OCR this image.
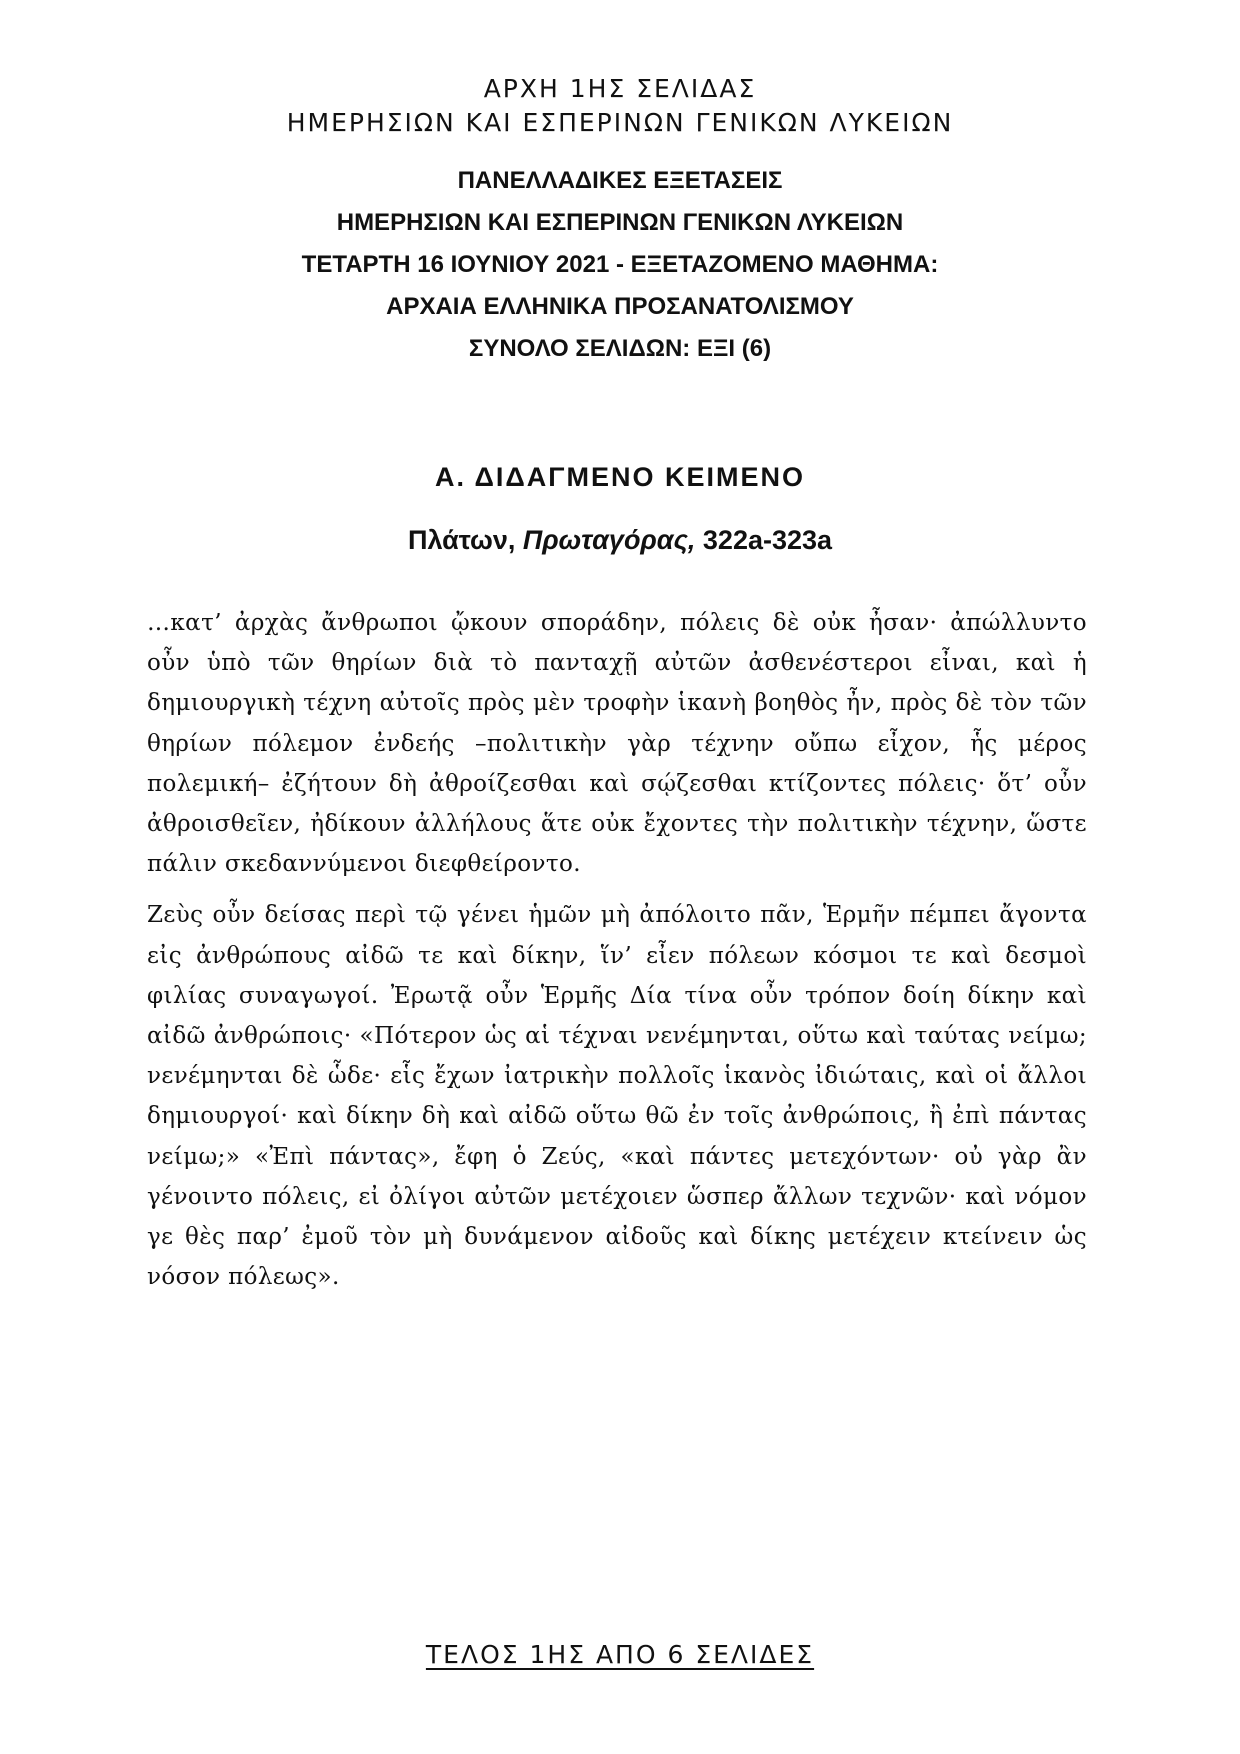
ΑΡΧΗ 1ΗΣ ΣΕΛΙΔΑΣ
ΗΜΕΡΗΣΙΩΝ ΚΑΙ ΕΣΠΕΡΙΝΩΝ ΓΕΝΙΚΩΝ ΛΥΚΕΙΩΝ
ΠΑΝΕΛΛΑΔΙΚΕΣ ΕΞΕΤΑΣΕΙΣ
ΗΜΕΡΗΣΙΩΝ ΚΑΙ ΕΣΠΕΡΙΝΩΝ ΓΕΝΙΚΩΝ ΛΥΚΕΙΩΝ
ΤΕΤΑΡΤΗ 16 ΙΟΥΝΙΟΥ 2021 - ΕΞΕΤΑΖΟΜΕΝΟ ΜΑΘΗΜΑ:
ΑΡΧΑΙΑ ΕΛΛΗΝΙΚΑ ΠΡΟΣΑΝΑΤΟΛΙΣΜΟΥ
ΣΥΝΟΛΟ ΣΕΛΙΔΩΝ: ΕΞΙ (6)
Α. ΔΙΔΑΓΜΕΝΟ ΚΕΙΜΕΝΟ
Πλάτων, Πρωταγόρας, 322a-323a

…κατ’ ἀρχὰς ἄνθρωποι ᾤκουν σποράδην, πόλεις δὲ οὐκ ἦσαν· ἀπώλλυντο οὖν ὑπὸ τῶν θηρίων διὰ τὸ πανταχῇ αὐτῶν ἀσθενέστεροι εἶναι, καὶ ἡ δημιουργικὴ τέχνη αὐτοῖς πρὸς μὲν τροφὴν ἱκανὴ βοηθὸς ἦν, πρὸς δὲ τὸν τῶν θηρίων πόλεμον ἐνδεής –πολιτικὴν γὰρ τέχνην οὔπω εἶχον, ἧς μέρος πολεμική– ἐζήτουν δὴ ἀθροίζεσθαι καὶ σῴζεσθαι κτίζοντες πόλεις· ὅτ’ οὖν ἀθροισθεῖεν, ἠδίκουν ἀλλήλους ἅτε οὐκ ἔχοντες τὴν πολιτικὴν τέχνην, ὥστε πάλιν σκεδαννύμενοι διεφθείροντο.

Ζεὺς οὖν δείσας περὶ τῷ γένει ἡμῶν μὴ ἀπόλοιτο πᾶν, Ἑρμῆν πέμπει ἄγοντα εἰς ἀνθρώπους αἰδῶ τε καὶ δίκην, ἵν’ εἶεν πόλεων κόσμοι τε καὶ δεσμοὶ φιλίας συναγωγοί. Ἐρωτᾷ οὖν Ἑρμῆς Δία τίνα οὖν τρόπον δοίη δίκην καὶ αἰδῶ ἀνθρώποις· «Πότερον ὡς αἱ τέχναι νενέμηνται, οὕτω καὶ ταύτας νείμω; νενέμηνται δὲ ὧδε· εἷς ἔχων ἰατρικὴν πολλοῖς ἱκανὸς ἰδιώταις, καὶ οἱ ἄλλοι δημιουργοί· καὶ δίκην δὴ καὶ αἰδῶ οὕτω θῶ ἐν τοῖς ἀνθρώποις, ἢ ἐπὶ πάντας νείμω;» «Ἐπὶ πάντας», ἔφη ὁ Ζεύς, «καὶ πάντες μετεχόντων· οὐ γὰρ ἂν γένοιντο πόλεις, εἰ ὀλίγοι αὐτῶν μετέχοιεν ὥσπερ ἄλλων τεχνῶν· καὶ νόμον γε θὲς παρ’ ἐμοῦ τὸν μὴ δυνάμενον αἰδοῦς καὶ δίκης μετέχειν κτείνειν ὡς νόσον πόλεως».

ΤΕΛΟΣ 1ΗΣ ΑΠΟ 6 ΣΕΛΙΔΕΣ
